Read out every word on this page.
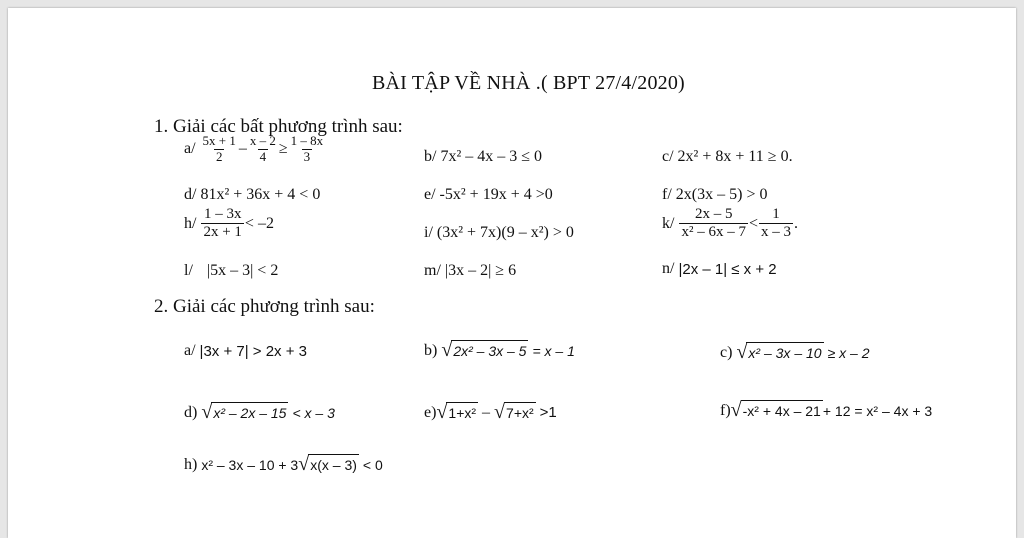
BÀI TẬP VỀ NHÀ .( BPT 27/4/2020)
1. Giải các bất phương trình sau:
$a/ \frac{5x + 1}{2} - \frac{x - 2}{4} \ge \frac{1 - 8x}{3}$	b/ 7x² – 4x – 3 ≤ 0	c/ 2x² + 8x + 11 ≥ 0.
d/ 81x² + 36x + 4 < 0	e/ -5x² + 19x + 4 >0	f/ 2x(3x – 5) > 0
$h/ \frac{1 - 3x}{2x + 1} < -2$
i/ (3x² + 7x)(9 – x²) > 0
$k/ \frac{2x - 5}{\text{x² – 6x – 7}} < \frac{1}{x - 3}$ .
l/ |5x – 3| < 2	m/ |3x – 2| ≥ 6	n/ |2x – 1| ≤ x + 2
2. Giải các phương trình sau:
a/ |3x + 7| > 2x + 3	b) √ 2x² – 3x – 5 = x – 1	c) √ x² – 3x – 10 ≥ x – 2
d) √ x² – 2x – 15 < x – 3	e) √ 1+x² – √ 7+x² >1	f) √ -x² + 4x – 21 + 12 = x² – 4x + 3
h) x² – 3x – 10 + 3 √ x(x – 3) < 0
